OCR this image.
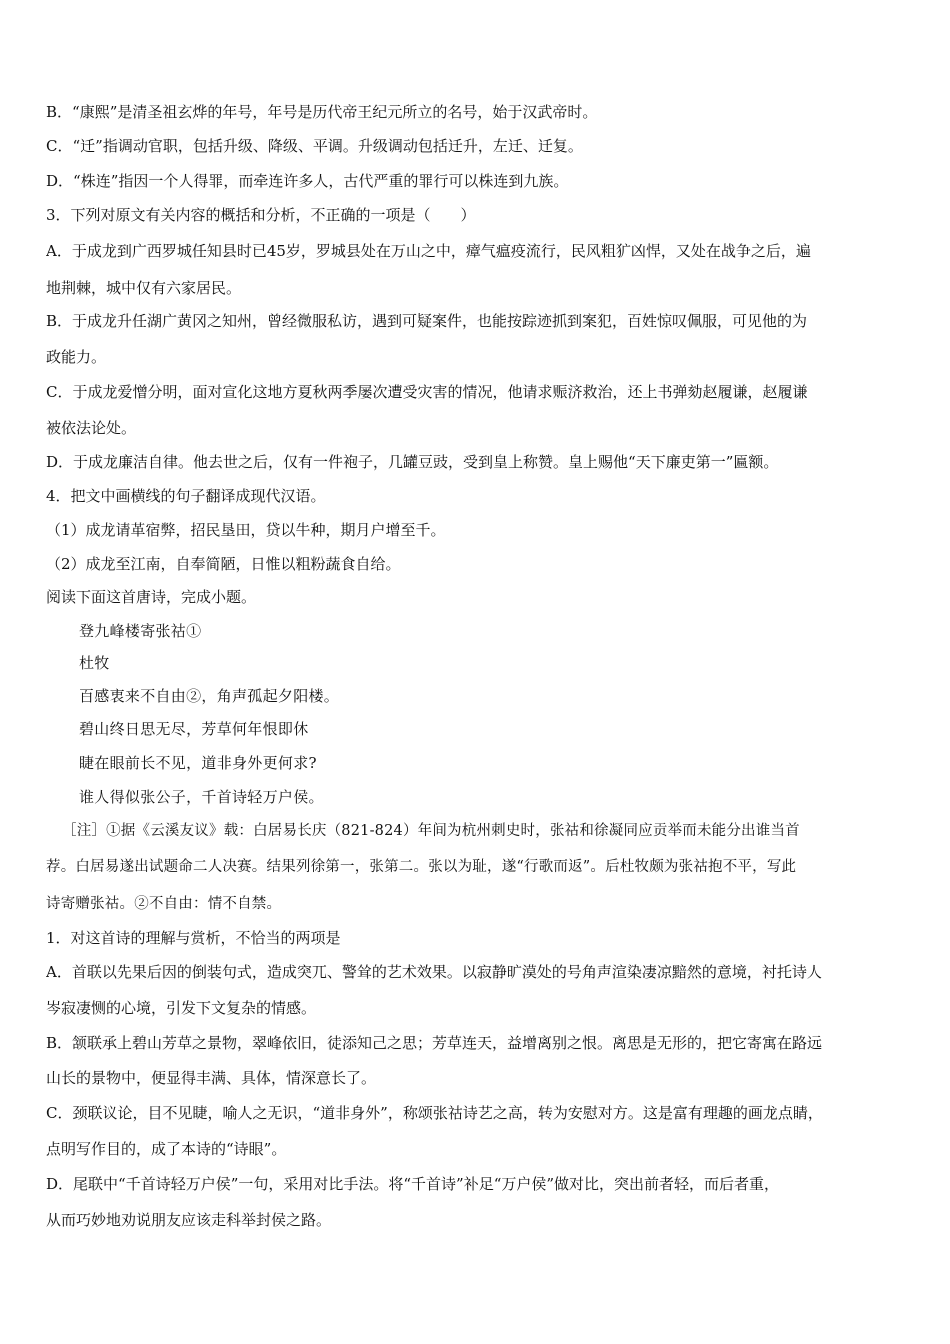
B．“康熙”是清圣祖玄烨的年号，年号是历代帝王纪元所立的名号，始于汉武帝时。
C．“迁”指调动官职，包括升级、降级、平调。升级调动包括迁升，左迁、迁复。
D．“株连”指因一个人得罪，而牵连许多人，古代严重的罪行可以株连到九族。
3．下列对原文有关内容的概括和分析，不正确的一项是（　　）
A．于成龙到广西罗城任知县时已45岁，罗城县处在万山之中，瘴气瘟疫流行，民风粗犷凶悍，又处在战争之后，遍
地荆棘，城中仅有六家居民。
B．于成龙升任湖广黄冈之知州，曾经微服私访，遇到可疑案件，也能按踪迹抓到案犯，百姓惊叹佩服，可见他的为
政能力。
C．于成龙爱憎分明，面对宣化这地方夏秋两季屡次遭受灾害的情况，他请求赈济救治，还上书弹劾赵履谦，赵履谦
被依法论处。
D．于成龙廉洁自律。他去世之后，仅有一件袍子，几罐豆豉，受到皇上称赞。皇上赐他“天下廉吏第一”匾额。
4．把文中画横线的句子翻译成现代汉语。
（1）成龙请革宿弊，招民垦田，贷以牛种，期月户增至千。
（2）成龙至江南，自奉简陋，日惟以粗粉蔬食自给。
阅读下面这首唐诗，完成小题。
登九峰楼寄张祜①
杜牧
百感衷来不自由②，角声孤起夕阳楼。
碧山终日思无尽，芳草何年恨即休
睫在眼前长不见，道非身外更何求?
谁人得似张公子，千首诗轻万户侯。
［注］①据《云溪友议》载：白居易长庆（821-824）年间为杭州刺史时，张祜和徐凝同应贡举而未能分出谁当首
荐。白居易遂出试题命二人决赛。结果列徐第一，张第二。张以为耻，遂“行歌而返”。后杜牧颇为张祜抱不平，写此
诗寄赠张祜。②不自由：情不自禁。
1．对这首诗的理解与赏析，不恰当的两项是
A．首联以先果后因的倒装句式，造成突兀、警耸的艺术效果。以寂静旷漠处的号角声渲染凄凉黯然的意境，衬托诗人
岑寂凄恻的心境，引发下文复杂的情感。
B．颔联承上碧山芳草之景物，翠峰依旧，徒添知己之思；芳草连天，益增离别之恨。离思是无形的，把它寄寓在路远
山长的景物中，便显得丰满、具体，情深意长了。
C．颈联议论，目不见睫，喻人之无识，“道非身外”，称颂张祜诗艺之高，转为安慰对方。这是富有理趣的画龙点睛，
点明写作目的，成了本诗的“诗眼”。
D．尾联中“千首诗轻万户侯”一句，采用对比手法。将“千首诗”补足“万户侯”做对比，突出前者轻，而后者重，
从而巧妙地劝说朋友应该走科举封侯之路。
